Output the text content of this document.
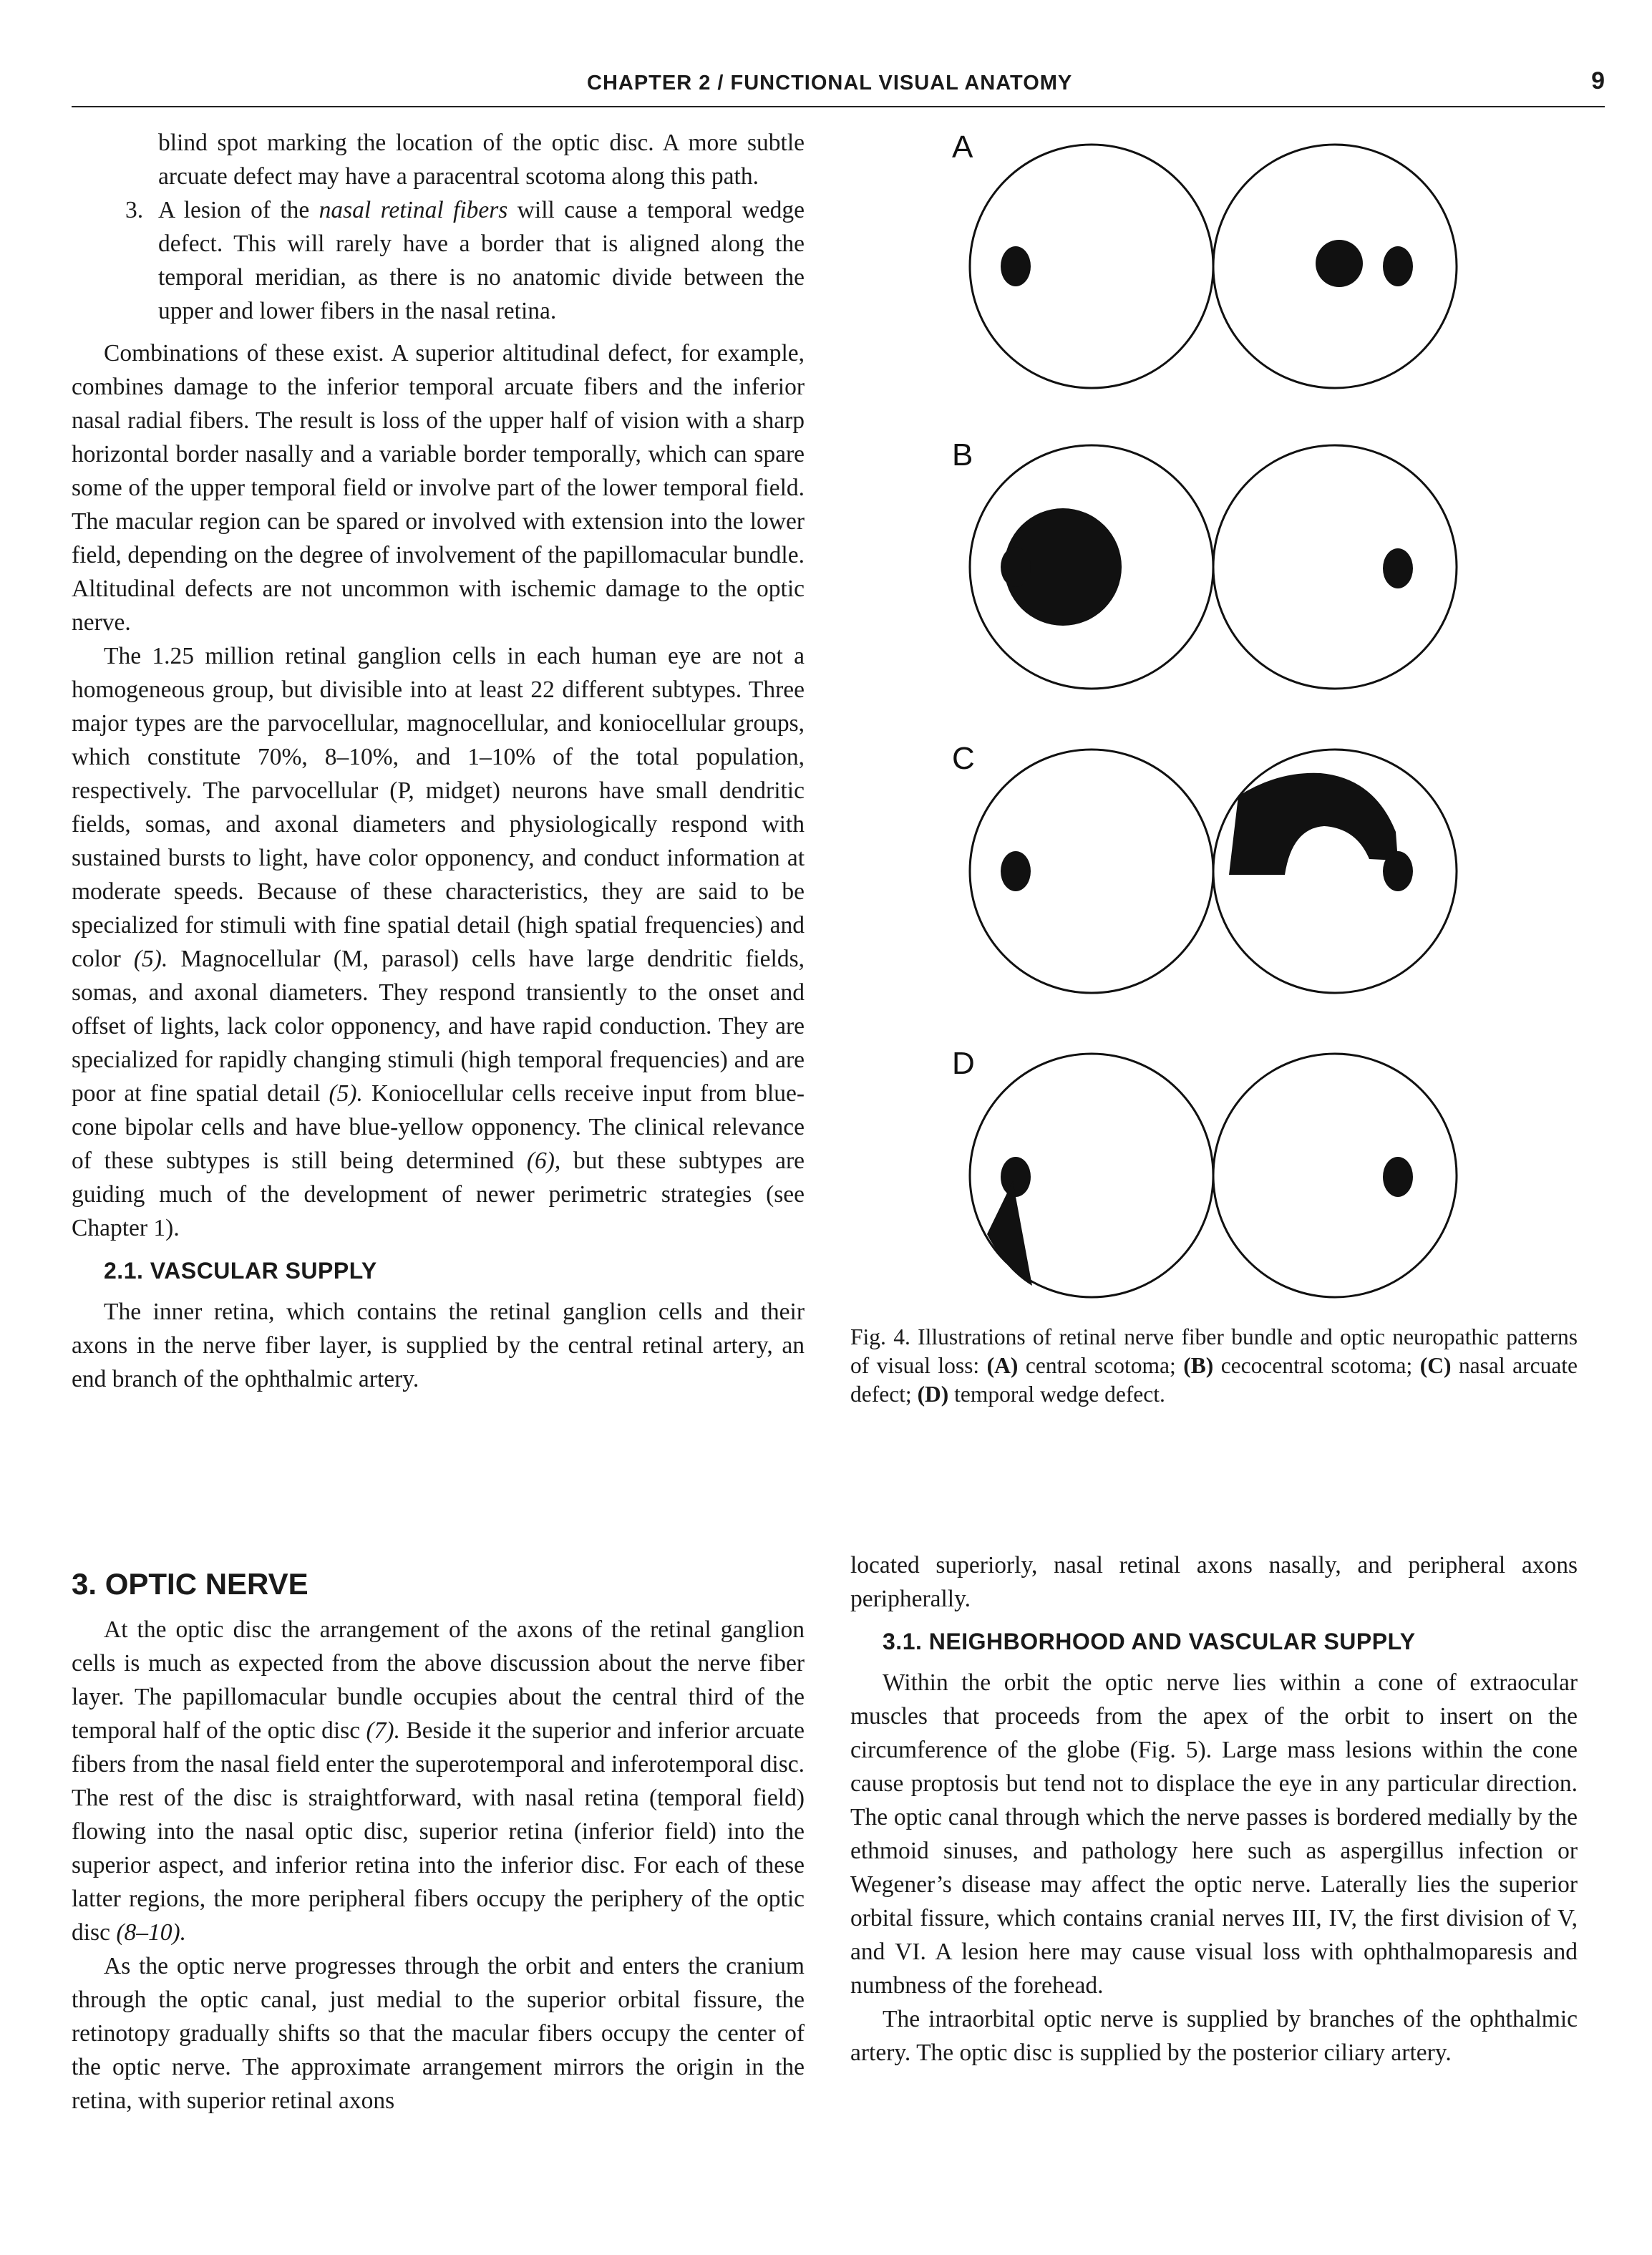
CHAPTER 2 / FUNCTIONAL VISUAL ANATOMY	9
blind spot marking the location of the optic disc. A more subtle arcuate defect may have a paracentral scotoma along this path.
3. A lesion of the nasal retinal fibers will cause a temporal wedge defect. This will rarely have a border that is aligned along the temporal meridian, as there is no anatomic divide between the upper and lower fibers in the nasal retina.

Combinations of these exist. A superior altitudinal defect, for example, combines damage to the inferior temporal arcuate fibers and the inferior nasal radial fibers. The result is loss of the upper half of vision with a sharp horizontal border nasally and a variable border temporally, which can spare some of the upper temporal field or involve part of the lower temporal field. The macular region can be spared or involved with extension into the lower field, depending on the degree of involvement of the papillomacular bundle. Altitudinal defects are not uncommon with ischemic damage to the optic nerve.

The 1.25 million retinal ganglion cells in each human eye are not a homogeneous group, but divisible into at least 22 different subtypes. Three major types are the parvocellular, magnocellular, and koniocellular groups, which constitute 70%, 8–10%, and 1–10% of the total population, respectively. The parvocellular (P, midget) neurons have small dendritic fields, somas, and axonal diameters and physiologically respond with sustained bursts to light, have color opponency, and conduct information at moderate speeds. Because of these characteristics, they are said to be specialized for stimuli with fine spatial detail (high spatial frequencies) and color (5). Magnocellular (M, parasol) cells have large dendritic fields, somas, and axonal diameters. They respond transiently to the onset and offset of lights, lack color opponency, and have rapid conduction. They are specialized for rapidly changing stimuli (high temporal frequencies) and are poor at fine spatial detail (5). Koniocellular cells receive input from blue-cone bipolar cells and have blue-yellow opponency. The clinical relevance of these subtypes is still being determined (6), but these subtypes are guiding much of the development of newer perimetric strategies (see Chapter 1).

2.1. VASCULAR SUPPLY

The inner retina, which contains the retinal ganglion cells and their axons in the nerve fiber layer, is supplied by the central retinal artery, an end branch of the ophthalmic artery.

3. OPTIC NERVE

At the optic disc the arrangement of the axons of the retinal ganglion cells is much as expected from the above discussion about the nerve fiber layer. The papillomacular bundle occupies about the central third of the temporal half of the optic disc (7). Beside it the superior and inferior arcuate fibers from the nasal field enter the superotemporal and inferotemporal disc. The rest of the disc is straightforward, with nasal retina (temporal field) flowing into the nasal optic disc, superior retina (inferior field) into the superior aspect, and inferior retina into the inferior disc. For each of these latter regions, the more peripheral fibers occupy the periphery of the optic disc (8–10).

As the optic nerve progresses through the orbit and enters the cranium through the optic canal, just medial to the superior orbital fissure, the retinotopy gradually shifts so that the macular fibers occupy the center of the optic nerve. The approximate arrangement mirrors the origin in the retina, with superior retinal axons

A
B
C
D
Fig. 4. Illustrations of retinal nerve fiber bundle and optic neuropathic patterns of visual loss: (A) central scotoma; (B) cecocentral scotoma; (C) nasal arcuate defect; (D) temporal wedge defect.

located superiorly, nasal retinal axons nasally, and peripheral axons peripherally.

3.1. NEIGHBORHOOD AND VASCULAR SUPPLY

Within the orbit the optic nerve lies within a cone of extraocular muscles that proceeds from the apex of the orbit to insert on the circumference of the globe (Fig. 5). Large mass lesions within the cone cause proptosis but tend not to displace the eye in any particular direction. The optic canal through which the nerve passes is bordered medially by the ethmoid sinuses, and pathology here such as aspergillus infection or Wegener’s disease may affect the optic nerve. Laterally lies the superior orbital fissure, which contains cranial nerves III, IV, the first division of V, and VI. A lesion here may cause visual loss with ophthalmoparesis and numbness of the forehead.

The intraorbital optic nerve is supplied by branches of the ophthalmic artery. The optic disc is supplied by the posterior ciliary artery.
